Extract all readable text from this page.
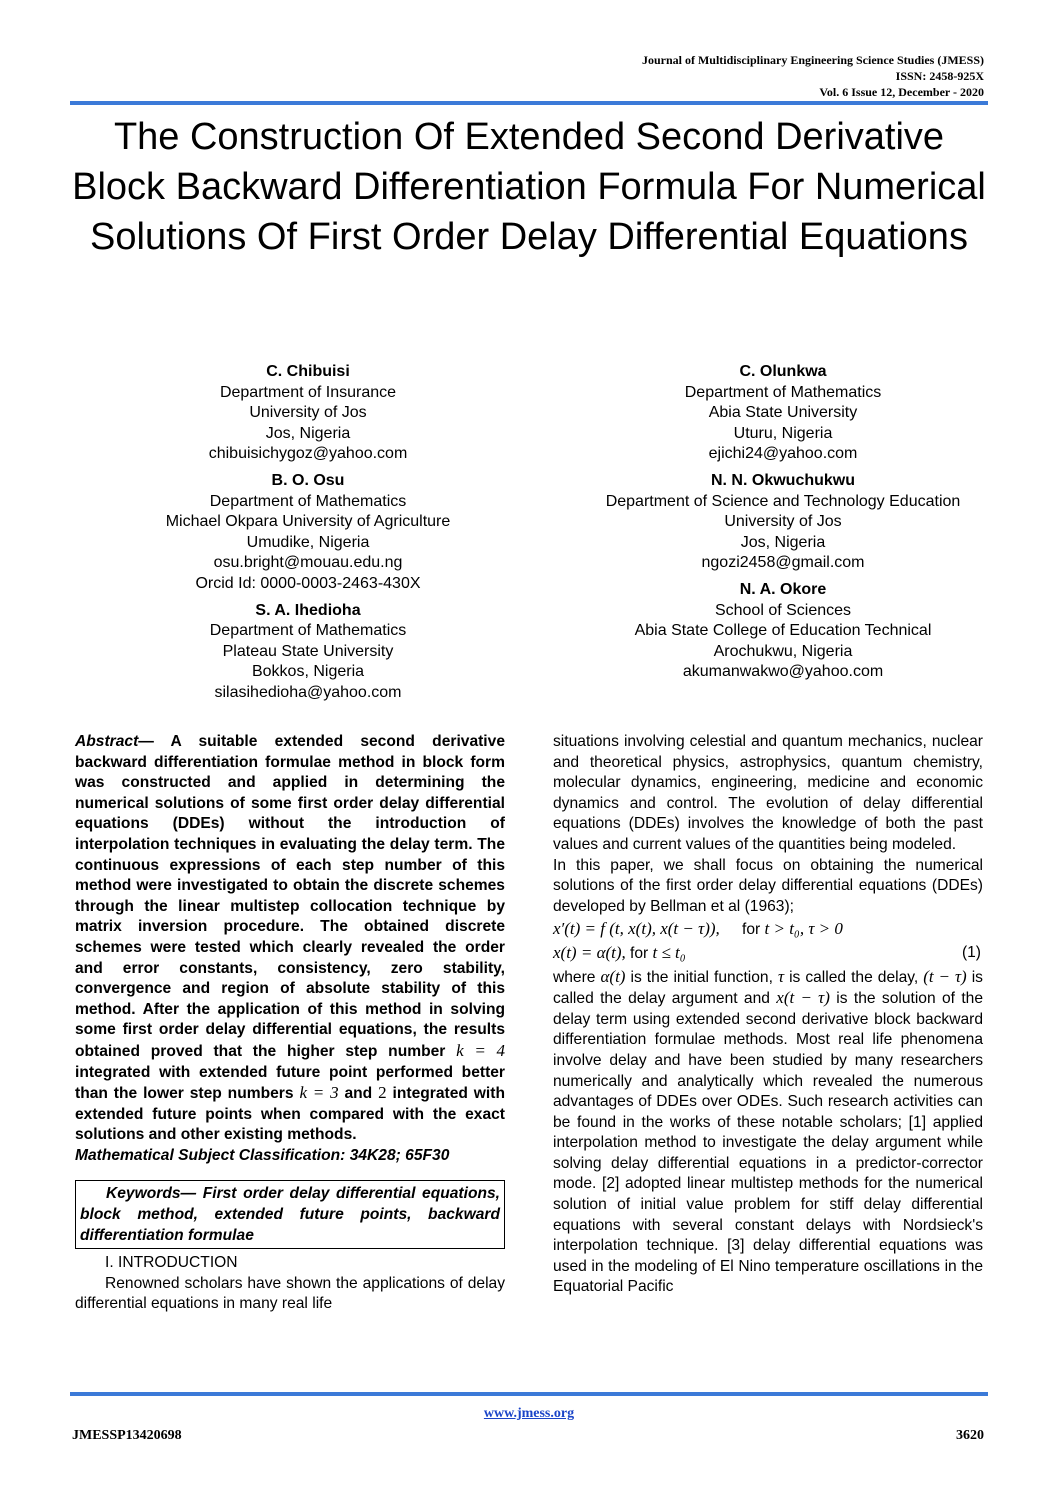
Journal of Multidisciplinary Engineering Science Studies (JMESS)
ISSN: 2458-925X
Vol. 6 Issue 12, December - 2020
The Construction Of Extended Second Derivative Block Backward Differentiation Formula For Numerical Solutions Of First Order Delay Differential Equations
C. Chibuisi
Department of Insurance
University of Jos
Jos, Nigeria
chibuisichygoz@yahoo.com
B. O. Osu
Department of Mathematics
Michael Okpara University of Agriculture
Umudike, Nigeria
osu.bright@mouau.edu.ng
Orcid Id: 0000-0003-2463-430X
S. A. Ihedioha
Department of Mathematics
Plateau State University
Bokkos, Nigeria
silasihedioha@yahoo.com
C. Olunkwa
Department of Mathematics
Abia State University
Uturu, Nigeria
ejichi24@yahoo.com
N. N. Okwuchukwu
Department of Science and Technology Education
University of Jos
Jos, Nigeria
ngozi2458@gmail.com
N. A. Okore
School of Sciences
Abia State College of Education Technical
Arochukwu, Nigeria
akumanwakwo@yahoo.com
Abstract— A suitable extended second derivative backward differentiation formulae method in block form was constructed and applied in determining the numerical solutions of some first order delay differential equations (DDEs) without the introduction of interpolation techniques in evaluating the delay term. The continuous expressions of each step number of this method were investigated to obtain the discrete schemes through the linear multistep collocation technique by matrix inversion procedure. The obtained discrete schemes were tested which clearly revealed the order and error constants, consistency, zero stability, convergence and region of absolute stability of this method. After the application of this method in solving some first order delay differential equations, the results obtained proved that the higher step number k = 4 integrated with extended future point performed better than the lower step numbers k = 3 and 2 integrated with extended future points when compared with the exact solutions and other existing methods.
Mathematical Subject Classification: 34K28; 65F30
Keywords— First order delay differential equations, block method, extended future points, backward differentiation formulae
I. INTRODUCTION
Renowned scholars have shown the applications of delay differential equations in many real life
situations involving celestial and quantum mechanics, nuclear and theoretical physics, astrophysics, quantum chemistry, molecular dynamics, engineering, medicine and economic dynamics and control. The evolution of delay differential equations (DDEs) involves the knowledge of both the past values and current values of the quantities being modeled.
In this paper, we shall focus on obtaining the numerical solutions of the first order delay differential equations (DDEs) developed by Bellman et al (1963);
x′(t) = f (t, x(t), x(t − τ)), for t > t₀, τ > 0
x(t) = α(t), for t ≤ t₀	(1)
where α(t) is the initial function, τ is called the delay, (t − τ) is called the delay argument and x(t − τ) is the solution of the delay term using extended second derivative block backward differentiation formulae methods. Most real life phenomena involve delay and have been studied by many researchers numerically and analytically which revealed the numerous advantages of DDEs over ODEs. Such research activities can be found in the works of these notable scholars; [1] applied interpolation method to investigate the delay argument while solving delay differential equations in a predictor-corrector mode. [2] adopted linear multistep methods for the numerical solution of initial value problem for stiff delay differential equations with several constant delays with Nordsieck's interpolation technique. [3] delay differential equations was used in the modeling of El Nino temperature oscillations in the Equatorial Pacific
www.jmess.org
JMESSP13420698	3620
